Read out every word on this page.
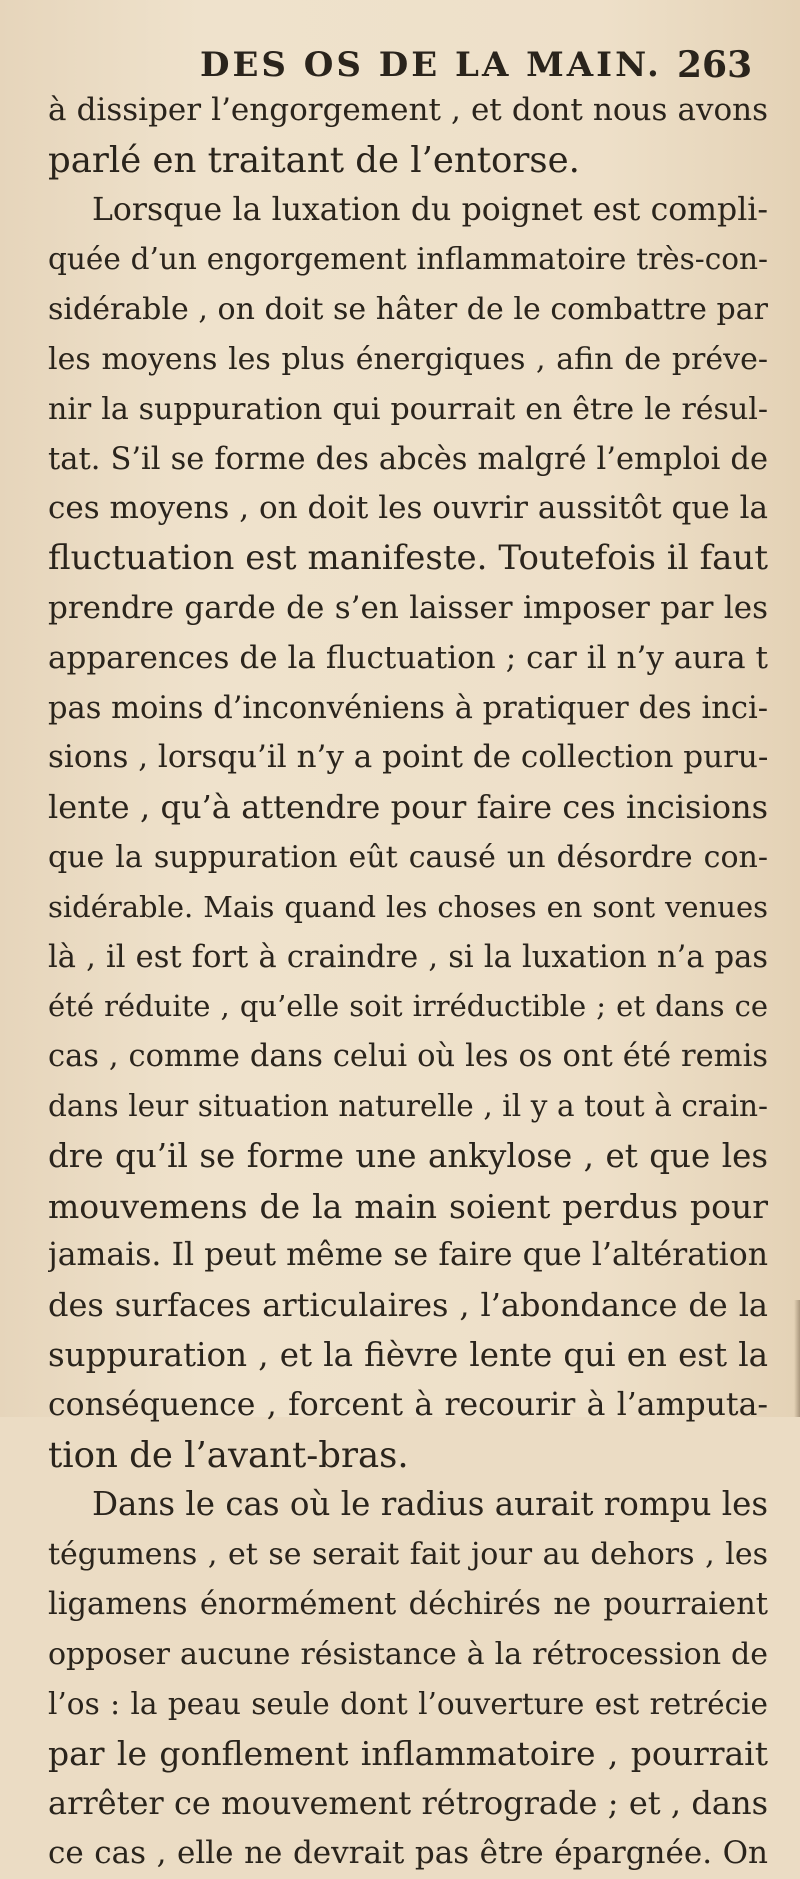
DES OS DE LA MAIN. 263
à dissiper l’engorgement , et dont nous avons
parlé en traitant de l’entorse.
Lorsque la luxation du poignet est compli-
quée d’un engorgement inflammatoire très-con-
sidérable , on doit se hâter de le combattre par
les moyens les plus énergiques , afin de préve-
nir la suppuration qui pourrait en être le résul-
tat. S’il se forme des abcès malgré l’emploi de
ces moyens , on doit les ouvrir aussitôt que la
fluctuation est manifeste. Toutefois il faut
prendre garde de s’en laisser imposer par les
apparences de la fluctuation ; car il n’y aura t
pas moins d’inconvéniens à pratiquer des inci-
sions , lorsqu’il n’y a point de collection puru-
lente , qu’à attendre pour faire ces incisions
que la suppuration eût causé un désordre con-
sidérable. Mais quand les choses en sont venues
là , il est fort à craindre , si la luxation n’a pas
été réduite , qu’elle soit irréductible ; et dans ce
cas , comme dans celui où les os ont été remis
dans leur situation naturelle , il y a tout à crain-
dre qu’il se forme une ankylose , et que les
mouvemens de la main soient perdus pour
jamais. Il peut même se faire que l’altération
des surfaces articulaires , l’abondance de la
suppuration , et la fièvre lente qui en est la
conséquence , forcent à recourir à l’amputa-
tion de l’avant-bras.
Dans le cas où le radius aurait rompu les
tégumens , et se serait fait jour au dehors , les
ligamens énormément déchirés ne pourraient
opposer aucune résistance à la rétrocession de
l’os : la peau seule dont l’ouverture est retrécie
par le gonflement inflammatoire , pourrait
arrêter ce mouvement rétrograde ; et , dans
ce cas , elle ne devrait pas être épargnée. On
